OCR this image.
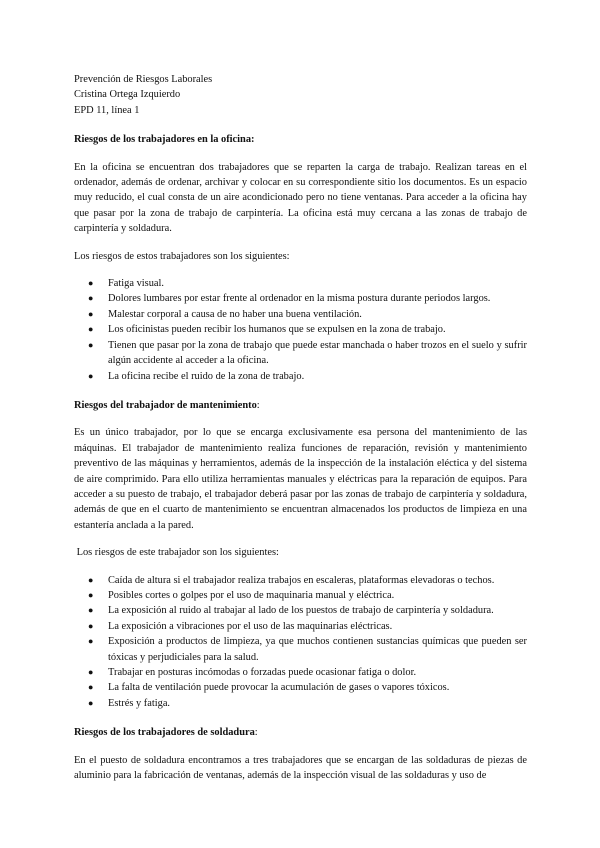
Prevención de Riesgos Laborales
Cristina Ortega Izquierdo
EPD 11, línea 1
Riesgos de los trabajadores en la oficina:

En la oficina se encuentran dos trabajadores que se reparten la carga de trabajo. Realizan tareas en el ordenador, además de ordenar, archivar y colocar en su correspondiente sitio los documentos. Es un espacio muy reducido, el cual consta de un aire acondicionado pero no tiene ventanas. Para acceder a la oficina hay que pasar por la zona de trabajo de carpintería. La oficina está muy cercana a las zonas de trabajo de carpintería y soldadura.

Los riesgos de estos trabajadores son los siguientes:

● Fatiga visual.
● Dolores lumbares por estar frente al ordenador en la misma postura durante periodos largos.
● Malestar corporal a causa de no haber una buena ventilación.
● Los oficinistas pueden recibir los humanos que se expulsen en la zona de trabajo.
● Tienen que pasar por la zona de trabajo que puede estar manchada o haber trozos en el suelo y sufrir algún accidente al acceder a la oficina.
● La oficina recibe el ruido de la zona de trabajo.
Riesgos del trabajador de mantenimiento:

Es un único trabajador, por lo que se encarga exclusivamente esa persona del mantenimiento de las máquinas. El trabajador de mantenimiento realiza funciones de reparación, revisión y mantenimiento preventivo de las máquinas y herramientos, además de la inspección de la instalación eléctica y del sistema de aire comprimido. Para ello utiliza herramientas manuales y eléctricas para la reparación de equipos. Para acceder a su puesto de trabajo, el trabajador deberá pasar por las zonas de trabajo de carpintería y soldadura, además de que en el cuarto de mantenimiento se encuentran almacenados los productos de limpieza en una estantería anclada a la pared.

Los riesgos de este trabajador son los siguientes:

● Caída de altura si el trabajador realiza trabajos en escaleras, plataformas elevadoras o techos.
● Posibles cortes o golpes por el uso de maquinaria manual y eléctrica.
● La exposición al ruido al trabajar al lado de los puestos de trabajo de carpintería y soldadura.
● La exposición a vibraciones por el uso de las maquinarias eléctricas.
● Exposición a productos de limpieza, ya que muchos contienen sustancias químicas que pueden ser tóxicas y perjudiciales para la salud.
● Trabajar en posturas incómodas o forzadas puede ocasionar fatiga o dolor.
● La falta de ventilación puede provocar la acumulación de gases o vapores tóxicos.
● Estrés y fatiga.
Riesgos de los trabajadores de soldadura:

En el puesto de soldadura encontramos a tres trabajadores que se encargan de las soldaduras de piezas de aluminio para la fabricación de ventanas, además de la inspección visual de las soldaduras y uso de
